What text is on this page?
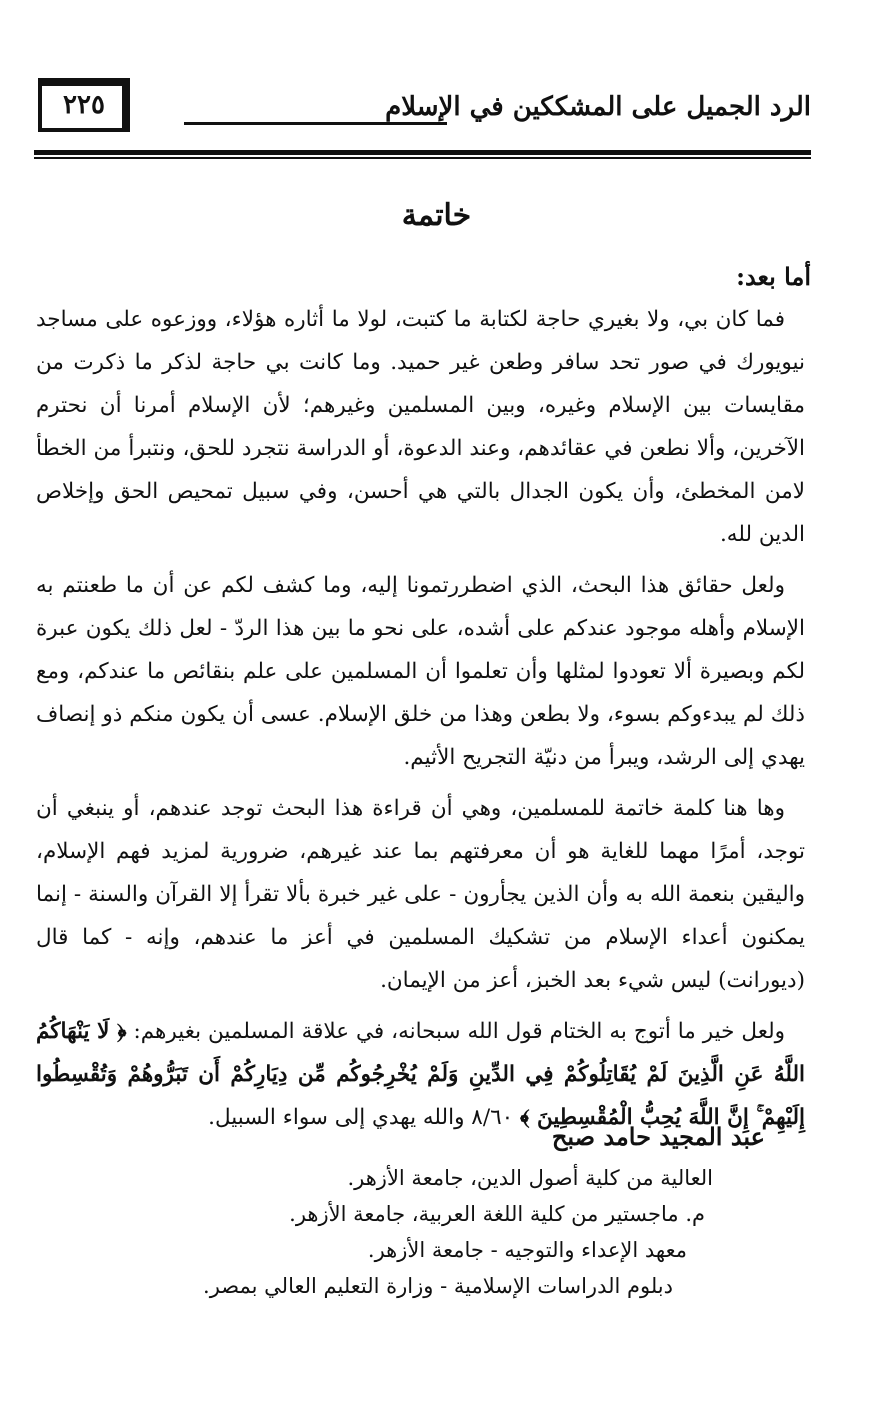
الرد الجميل على المشككين في الإسلام
٢٢٥
خاتمة
أما بعد:

فما كان بي، ولا بغيري حاجة لكتابة ما كتبت، لولا ما أثاره هؤلاء، ووزعوه على مساجد نيويورك في صور تحد سافر وطعن غير حميد. وما كانت بي حاجة لذكر ما ذكرت من مقايسات بين الإسلام وغيره، وبين المسلمين وغيرهم؛ لأن الإسلام أمرنا أن نحترم الآخرين، وألا نطعن في عقائدهم، وعند الدعوة، أو الدراسة نتجرد للحق، ونتبرأ من الخطأ لامن المخطئ، وأن يكون الجدال بالتي هي أحسن، وفي سبيل تمحيص الحق وإخلاص الدين لله.

ولعل حقائق هذا البحث، الذي اضطررتمونا إليه، وما كشف لكم عن أن ما طعنتم به الإسلام وأهله موجود عندكم على أشده، على نحو ما بين هذا الردّ - لعل ذلك يكون عبرة لكم وبصيرة ألا تعودوا لمثلها وأن تعلموا أن المسلمين على علم بنقائص ما عندكم، ومع ذلك لم يبدءوكم بسوء، ولا بطعن وهذا من خلق الإسلام. عسى أن يكون منكم ذو إنصاف يهدي إلى الرشد، ويبرأ من دنيّة التجريح الأثيم.

وها هنا كلمة خاتمة للمسلمين، وهي أن قراءة هذا البحث توجد عندهم، أو ينبغي أن توجد، أمرًا مهما للغاية هو أن معرفتهم بما عند غيرهم، ضرورية لمزيد فهم الإسلام، واليقين بنعمة الله به وأن الذين يجأرون - على غير خبرة بألا تقرأ إلا القرآن والسنة - إنما يمكنون أعداء الإسلام من تشكيك المسلمين في أعز ما عندهم، وإنه - كما قال (ديورانت) ليس شيء بعد الخبز، أعز من الإيمان.

ولعل خير ما أتوج به الختام قول الله سبحانه، في علاقة المسلمين بغيرهم: ﴿ لَا يَنْهَاكُمُ اللَّهُ عَنِ الَّذِينَ لَمْ يُقَاتِلُوكُمْ فِي الدِّينِ وَلَمْ يُخْرِجُوكُم مِّن دِيَارِكُمْ أَن تَبَرُّوهُمْ وَتُقْسِطُوا إِلَيْهِمْ ۚ إِنَّ اللَّهَ يُحِبُّ الْمُقْسِطِينَ ﴾ ٨/٦٠ والله يهدي إلى سواء السبيل.

عبد المجيد حامد صبح
العالية من كلية أصول الدين، جامعة الأزهر.
م. ماجستير من كلية اللغة العربية، جامعة الأزهر.
معهد الإعداء والتوجيه - جامعة الأزهر.
دبلوم الدراسات الإسلامية - وزارة التعليم العالي بمصر.
